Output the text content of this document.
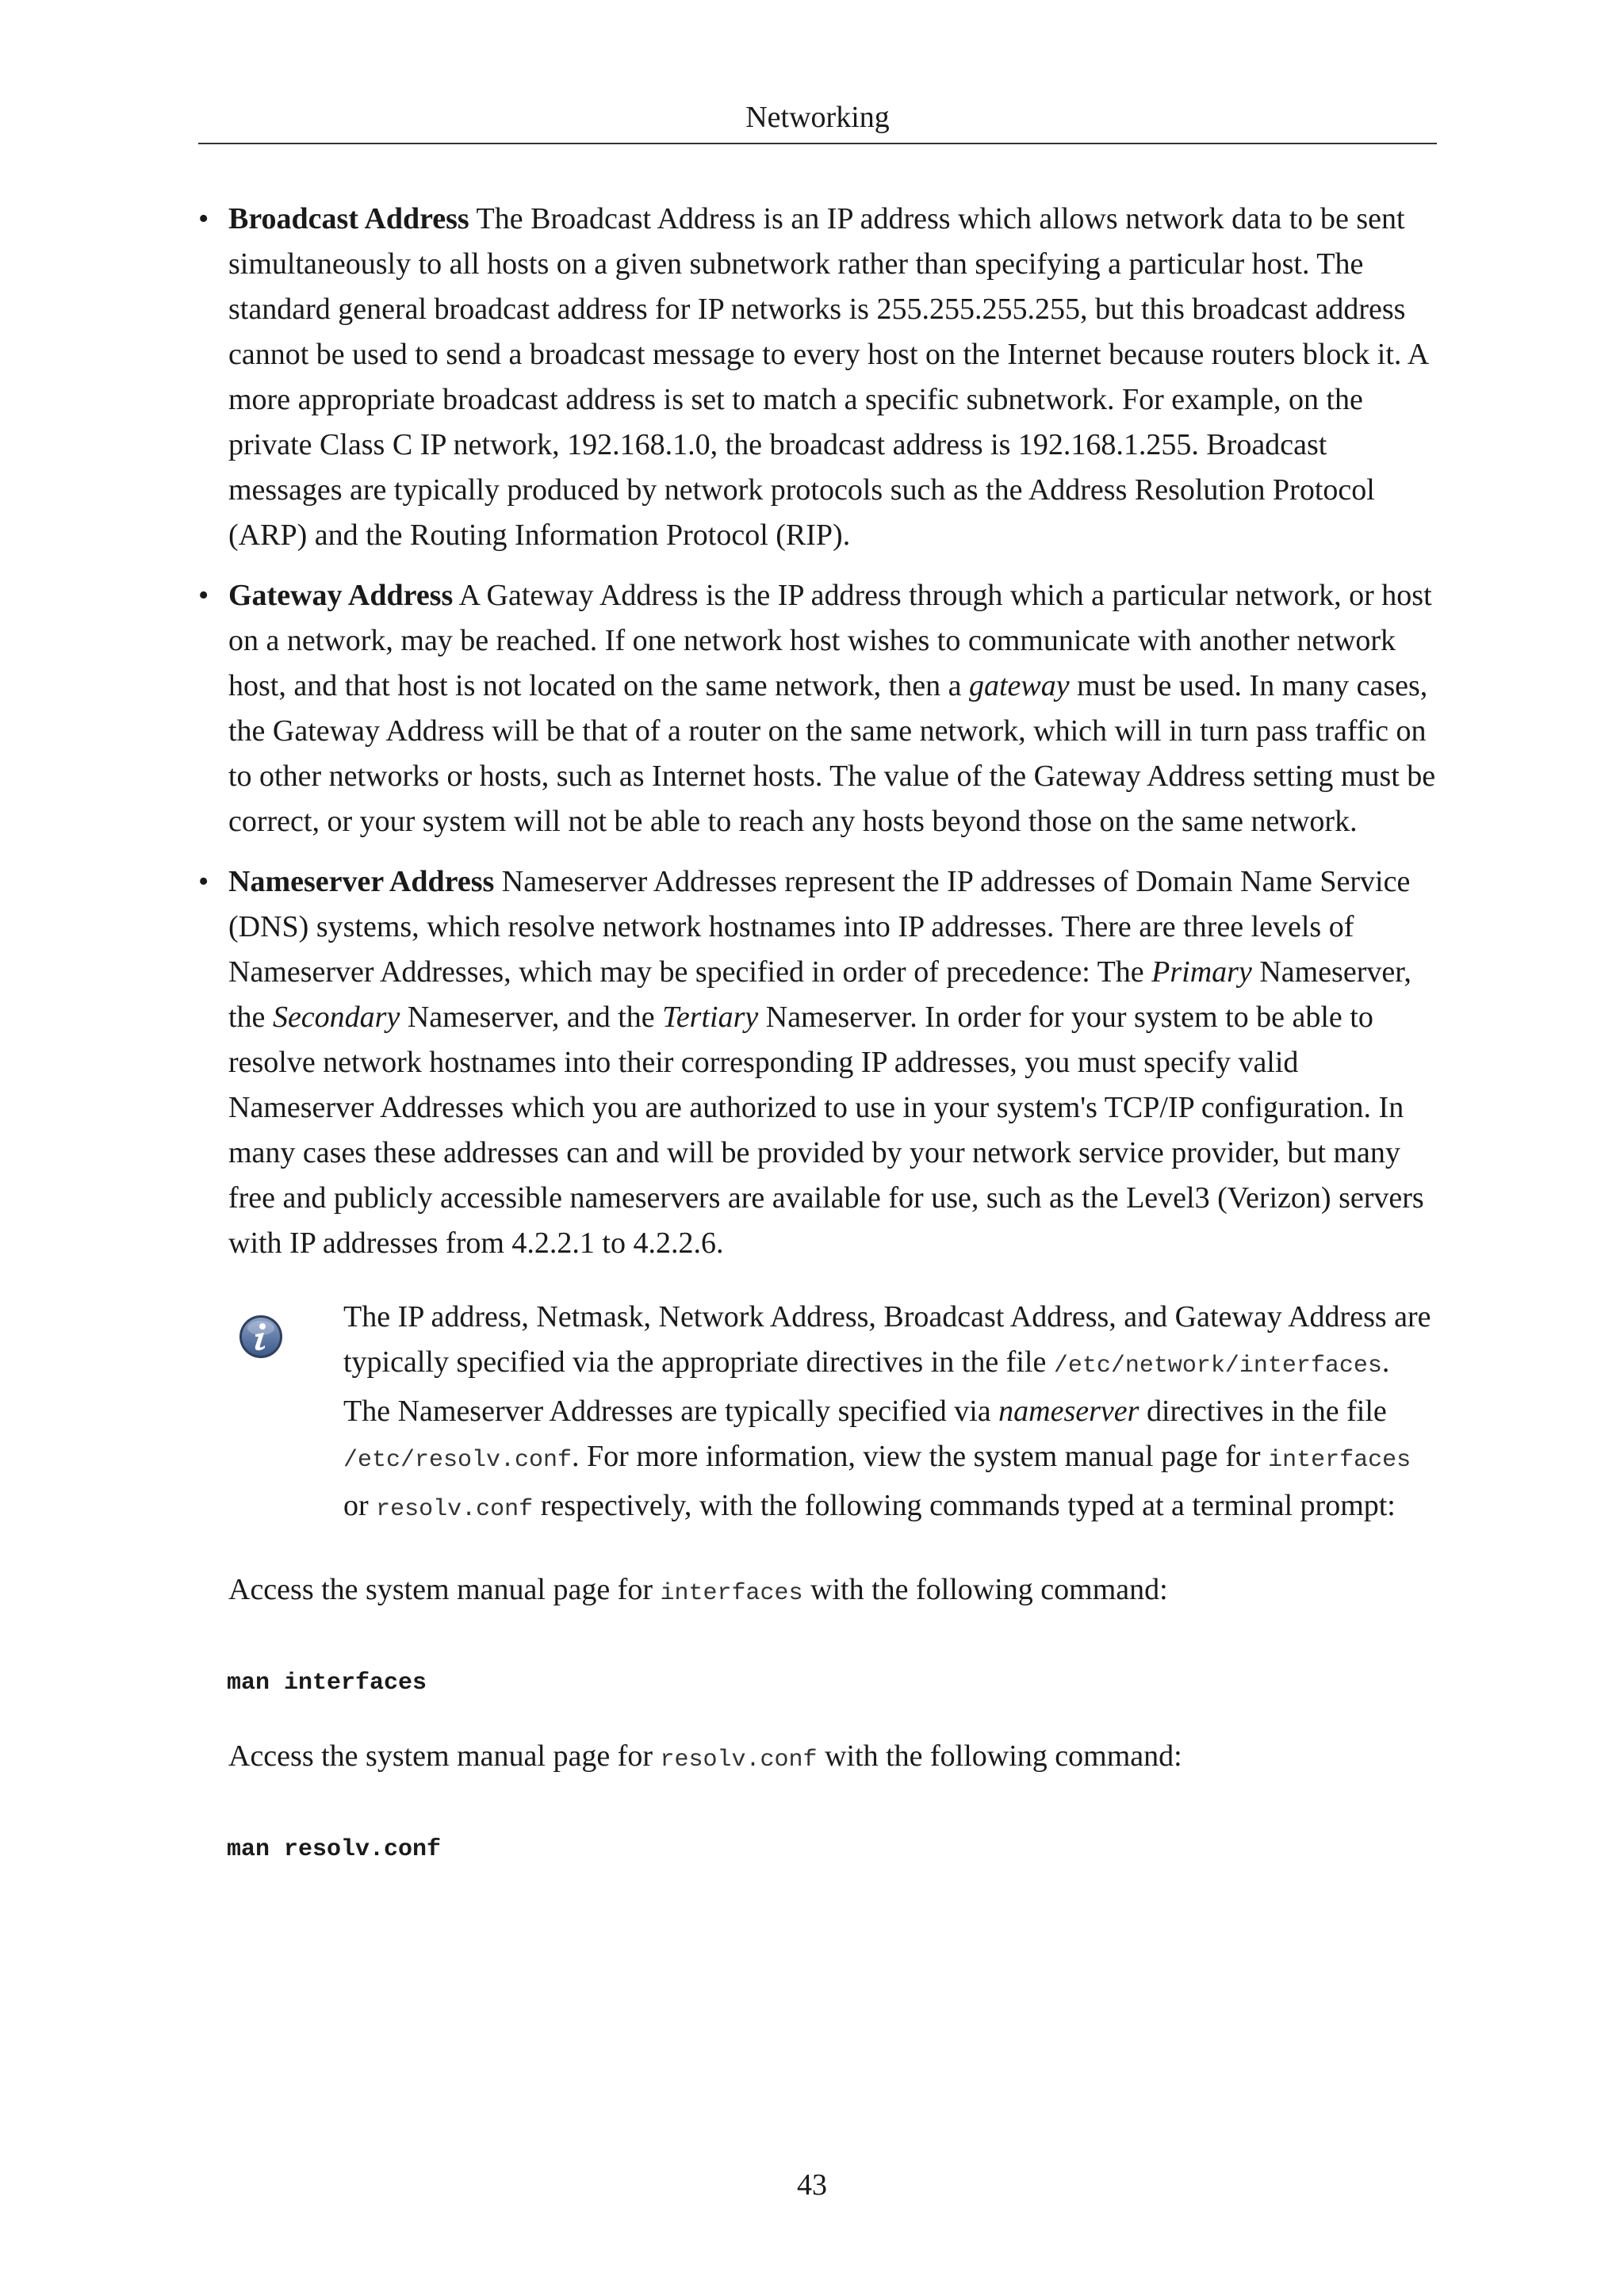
Networking
• Broadcast Address The Broadcast Address is an IP address which allows network data to be sent simultaneously to all hosts on a given subnetwork rather than specifying a particular host. The standard general broadcast address for IP networks is 255.255.255.255, but this broadcast address cannot be used to send a broadcast message to every host on the Internet because routers block it. A more appropriate broadcast address is set to match a specific subnetwork. For example, on the private Class C IP network, 192.168.1.0, the broadcast address is 192.168.1.255. Broadcast messages are typically produced by network protocols such as the Address Resolution Protocol (ARP) and the Routing Information Protocol (RIP).
• Gateway Address A Gateway Address is the IP address through which a particular network, or host on a network, may be reached. If one network host wishes to communicate with another network host, and that host is not located on the same network, then a gateway must be used. In many cases, the Gateway Address will be that of a router on the same network, which will in turn pass traffic on to other networks or hosts, such as Internet hosts. The value of the Gateway Address setting must be correct, or your system will not be able to reach any hosts beyond those on the same network.
• Nameserver Address Nameserver Addresses represent the IP addresses of Domain Name Service (DNS) systems, which resolve network hostnames into IP addresses. There are three levels of Nameserver Addresses, which may be specified in order of precedence: The Primary Nameserver, the Secondary Nameserver, and the Tertiary Nameserver. In order for your system to be able to resolve network hostnames into their corresponding IP addresses, you must specify valid Nameserver Addresses which you are authorized to use in your system's TCP/IP configuration. In many cases these addresses can and will be provided by your network service provider, but many free and publicly accessible nameservers are available for use, such as the Level3 (Verizon) servers with IP addresses from 4.2.2.1 to 4.2.2.6.
The IP address, Netmask, Network Address, Broadcast Address, and Gateway Address are typically specified via the appropriate directives in the file /etc/network/interfaces. The Nameserver Addresses are typically specified via nameserver directives in the file /etc/resolv.conf. For more information, view the system manual page for interfaces or resolv.conf respectively, with the following commands typed at a terminal prompt:

Access the system manual page for interfaces with the following command:

man interfaces

Access the system manual page for resolv.conf with the following command:

man resolv.conf
43
